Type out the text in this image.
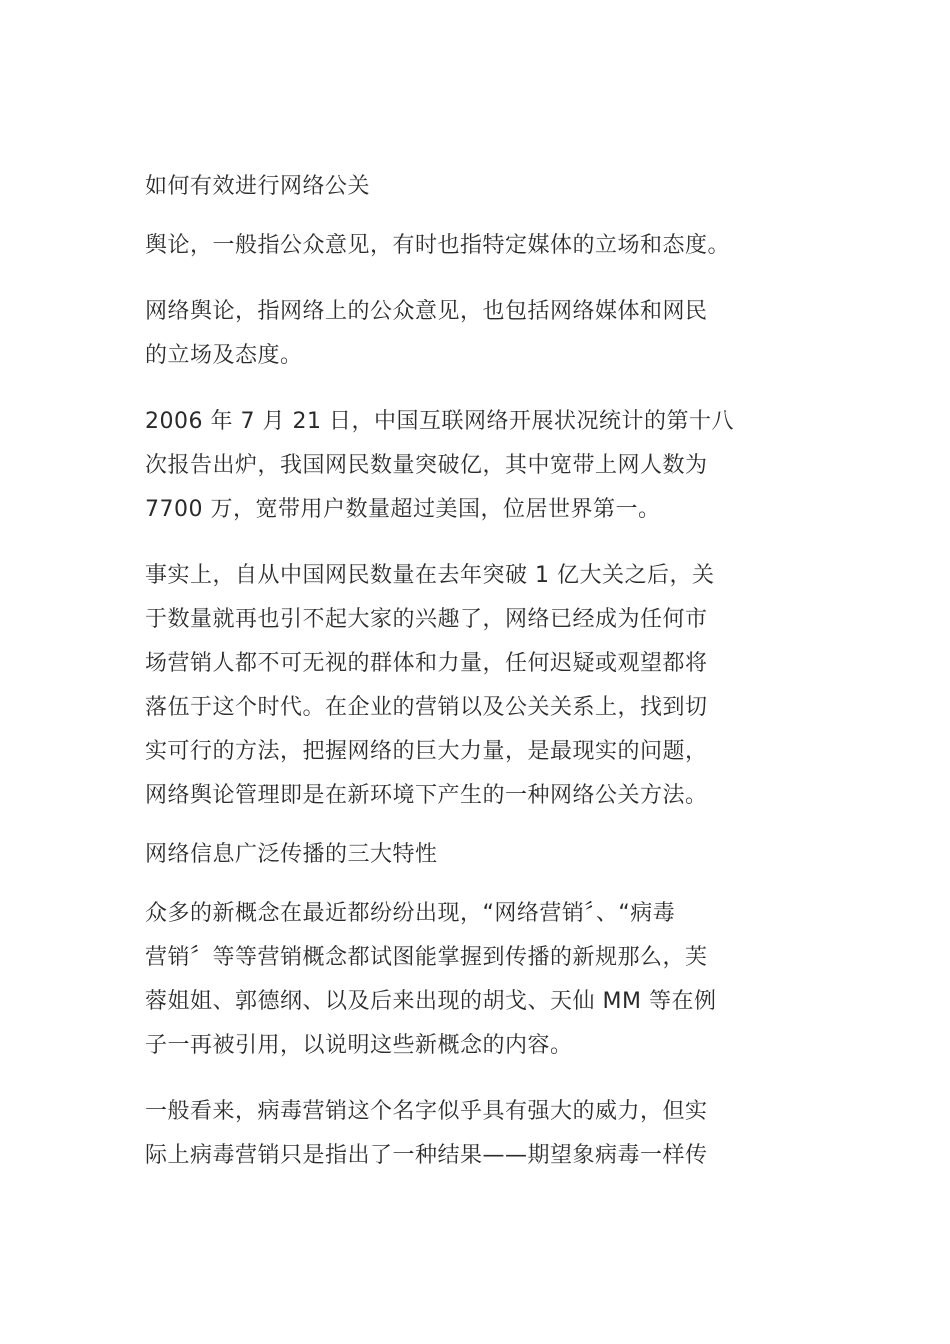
如何有效进行网络公关

舆论，一般指公众意见，有时也指特定媒体的立场和态度。

网络舆论，指网络上的公众意见，也包括网络媒体和网民
的立场及态度。

2006 年 7 月 21 日，中国互联网络开展状况统计的第十八
次报告出炉，我国网民数量突破亿，其中宽带上网人数为
7700 万，宽带用户数量超过美国，位居世界第一。

事实上，自从中国网民数量在去年突破 1 亿大关之后，关
于数量就再也引不起大家的兴趣了，网络已经成为任何市
场营销人都不可无视的群体和力量，任何迟疑或观望都将
落伍于这个时代。在企业的营销以及公关关系上，找到切
实可行的方法，把握网络的巨大力量，是最现实的问题，
网络舆论管理即是在新环境下产生的一种网络公关方法。

网络信息广泛传播的三大特性

众多的新概念在最近都纷纷出现，“网络营销〞、“病毒
营销〞等等营销概念都试图能掌握到传播的新规那么，芙
蓉姐姐、郭德纲、以及后来出现的胡戈、天仙 MM 等在例
子一再被引用，以说明这些新概念的内容。

一般看来，病毒营销这个名字似乎具有强大的威力，但实
际上病毒营销只是指出了一种结果——期望象病毒一样传
